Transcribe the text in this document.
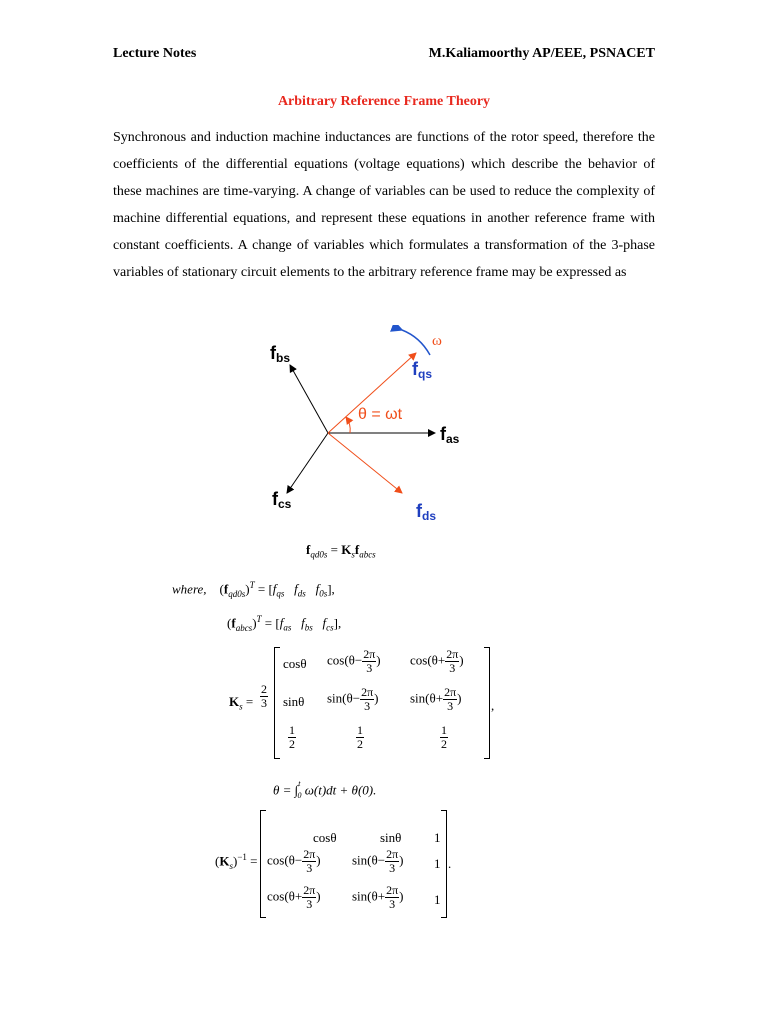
Lecture Notes	M.Kaliamoorthy AP/EEE, PSNACET
Arbitrary Reference Frame Theory
Synchronous and induction machine inductances are functions of the rotor speed, therefore the coefficients of the differential equations (voltage equations) which describe the behavior of these machines are time-varying. A change of variables can be used to reduce the complexity of machine differential equations, and represent these equations in another reference frame with constant coefficients. A change of variables which formulates a transformation of the 3-phase variables of stationary circuit elements to the arbitrary reference frame may be expressed as
fbs
fqs
ω
θ = ωt
fas
fcs	fds
$f_{qd0s} = K_sf_{abcs}$
where,    $(f_{qd0s})^T = [f_{qs}$ $f_{ds}$ $f_{0s}$],
$(f_{abcs})^T = [f_{as}$ $f_{bs}$ $f_{cs}$],
$K_s = \frac{2}{3}$
cosθ $\cos(\theta- \frac{2\pi}{3}$ ) $\cos(\theta+ \frac{2\pi}{3}$ )
sinθ $\sin(\theta- \frac{2\pi}{3}$ ) $\sin(\theta+ \frac{2\pi}{3}$ )
$\frac{1}{2}$	$\frac{1}{2}$	$\frac{1}{2}$
,
θ = ∫$^t_0$ ω(t)dt + θ(0).
$(K_s)^{-1}$ =
cosθ	sinθ	1
$\cos(\theta- \frac{2\pi}{3}$ ) $\sin(\theta- \frac{2\pi}{3}$ ) 1
$\cos(\theta+ \frac{2\pi}{3}$ ) $\sin(\theta+ \frac{2\pi}{3}$ ) 1
.
